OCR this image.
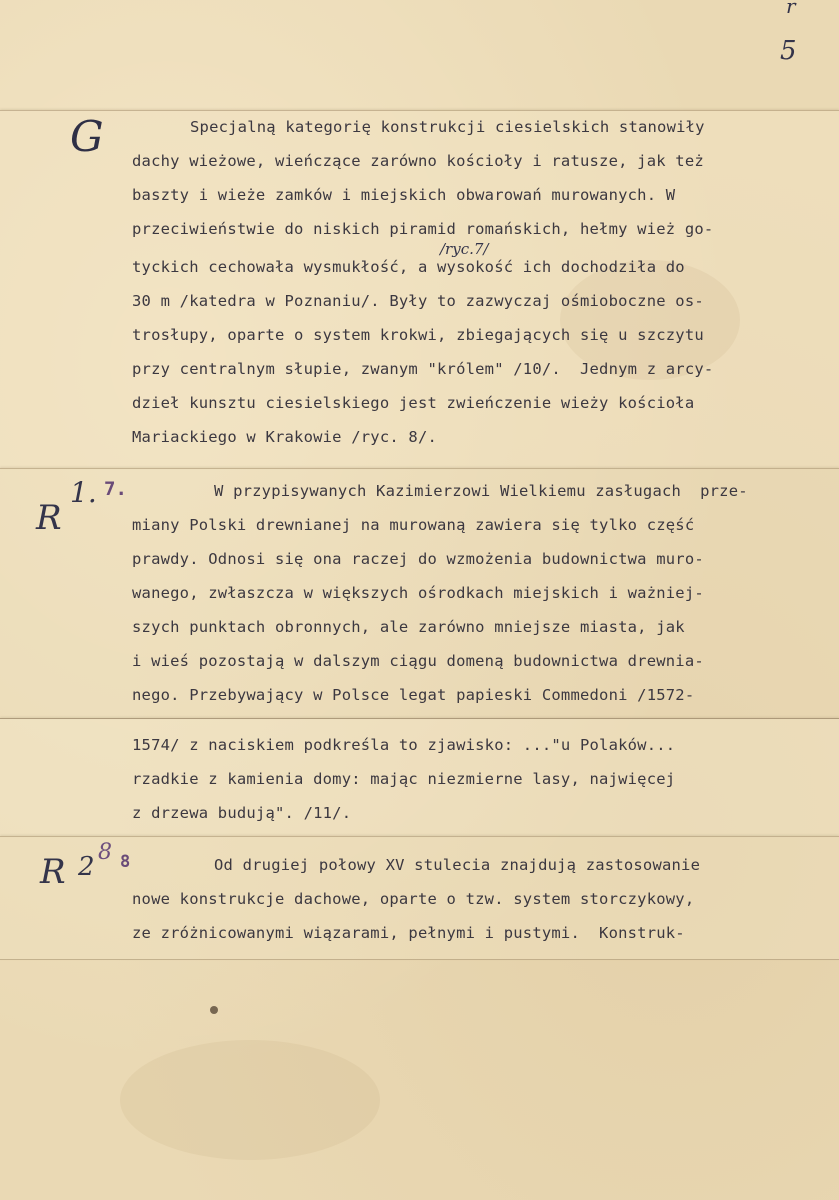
r
5
G
R
1.
R 2 8
Specjalną kategorię konstrukcji ciesielskich stanowiły
dachy wieżowe, wieńczące zarówno kościoły i ratusze, jak też
baszty i wieże zamków i miejskich obwarowań murowanych. W
przeciwieństwie do niskich piramid romańskich, hełmy wież go-
tyckich cechowała wysmukłość, a wysokość ich dochodziła do
30 m /katedra w Poznaniu/. Były to zazwyczaj ośmioboczne os-
trosłupy, oparte o system krokwi, zbiegających się u szczytu
przy centralnym słupie, zwanym "królem" /10/.  Jednym z arcy-
dzieł kunsztu ciesielskiego jest zwieńczenie wieży kościoła
Mariackiego w Krakowie /ryc. 8/.
/ryc.7/
7.	W przypisywanych Kazimierzowi Wielkiemu zasługach  prze-
miany Polski drewnianej na murowaną zawiera się tylko część
prawdy. Odnosi się ona raczej do wzmożenia budownictwa muro-
wanego, zwłaszcza w większych ośrodkach miejskich i ważniej-
szych punktach obronnych, ale zarówno mniejsze miasta, jak
i wieś pozostają w dalszym ciągu domeną budownictwa drewnia-
nego. Przebywający w Polsce legat papieski Commedoni /1572-
1574/ z naciskiem podkreśla to zjawisko: ..."u Polaków...
rzadkie z kamienia domy: mając niezmierne lasy, najwięcej
z drzewa budują". /11/.
8	Od drugiej połowy XV stulecia znajdują zastosowanie
nowe konstrukcje dachowe, oparte o tzw. system storczykowy,
ze zróżnicowanymi wiązarami, pełnymi i pustymi.  Konstruk-
